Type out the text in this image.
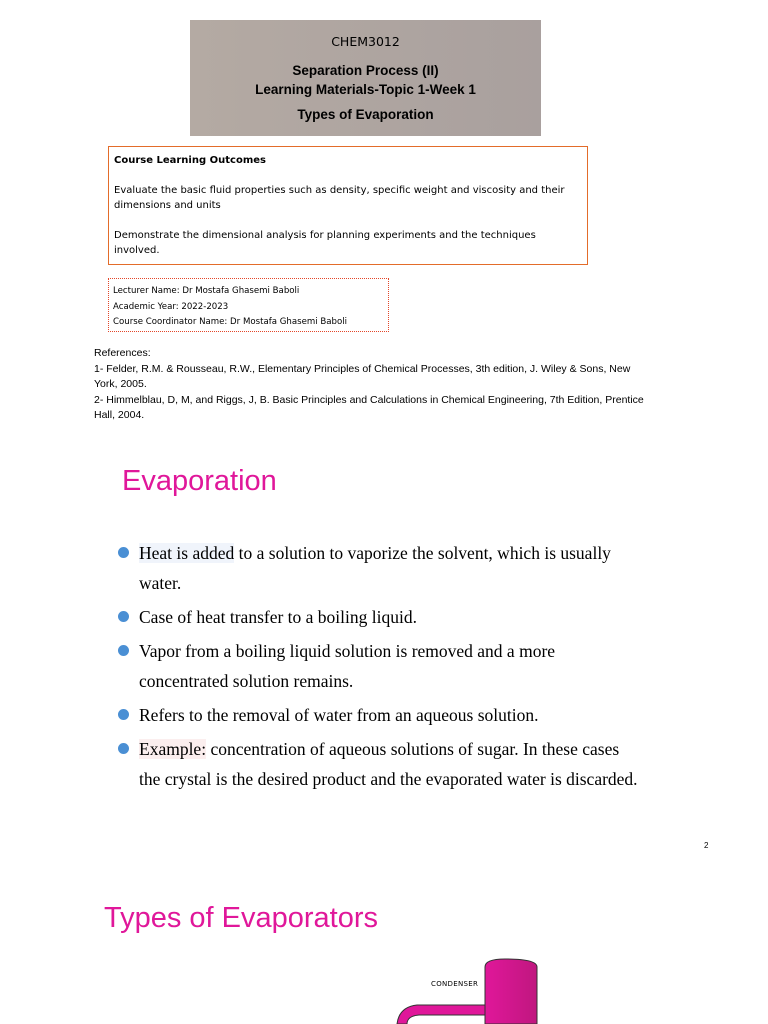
CHEM3012
Separation Process (II)
Learning Materials-Topic 1-Week 1
Types of Evaporation
Course Learning Outcomes

Evaluate the basic fluid properties such as density, specific weight and viscosity and their dimensions and units

Demonstrate the dimensional analysis for planning experiments and the techniques involved.

Lecturer Name: Dr Mostafa Ghasemi Baboli
Academic Year: 2022-2023
Course Coordinator Name: Dr Mostafa Ghasemi Baboli
References:
1- Felder, R.M. & Rousseau, R.W., Elementary Principles of Chemical Processes, 3th edition, J. Wiley & Sons, New York, 2005.
2- Himmelblau, D, M, and Riggs, J, B. Basic Principles and Calculations in Chemical Engineering, 7th Edition, Prentice Hall, 2004.
Evaporation
Heat is added to a solution to vaporize the solvent, which is usually water.
Case of heat transfer to a boiling liquid.
Vapor from a boiling liquid solution is removed and a more concentrated solution remains.
Refers to the removal of water from an aqueous solution.
Example: concentration of aqueous solutions of sugar. In these cases the crystal is the desired product and the evaporated water is discarded.
2
Types of Evaporators
CONDENSER
